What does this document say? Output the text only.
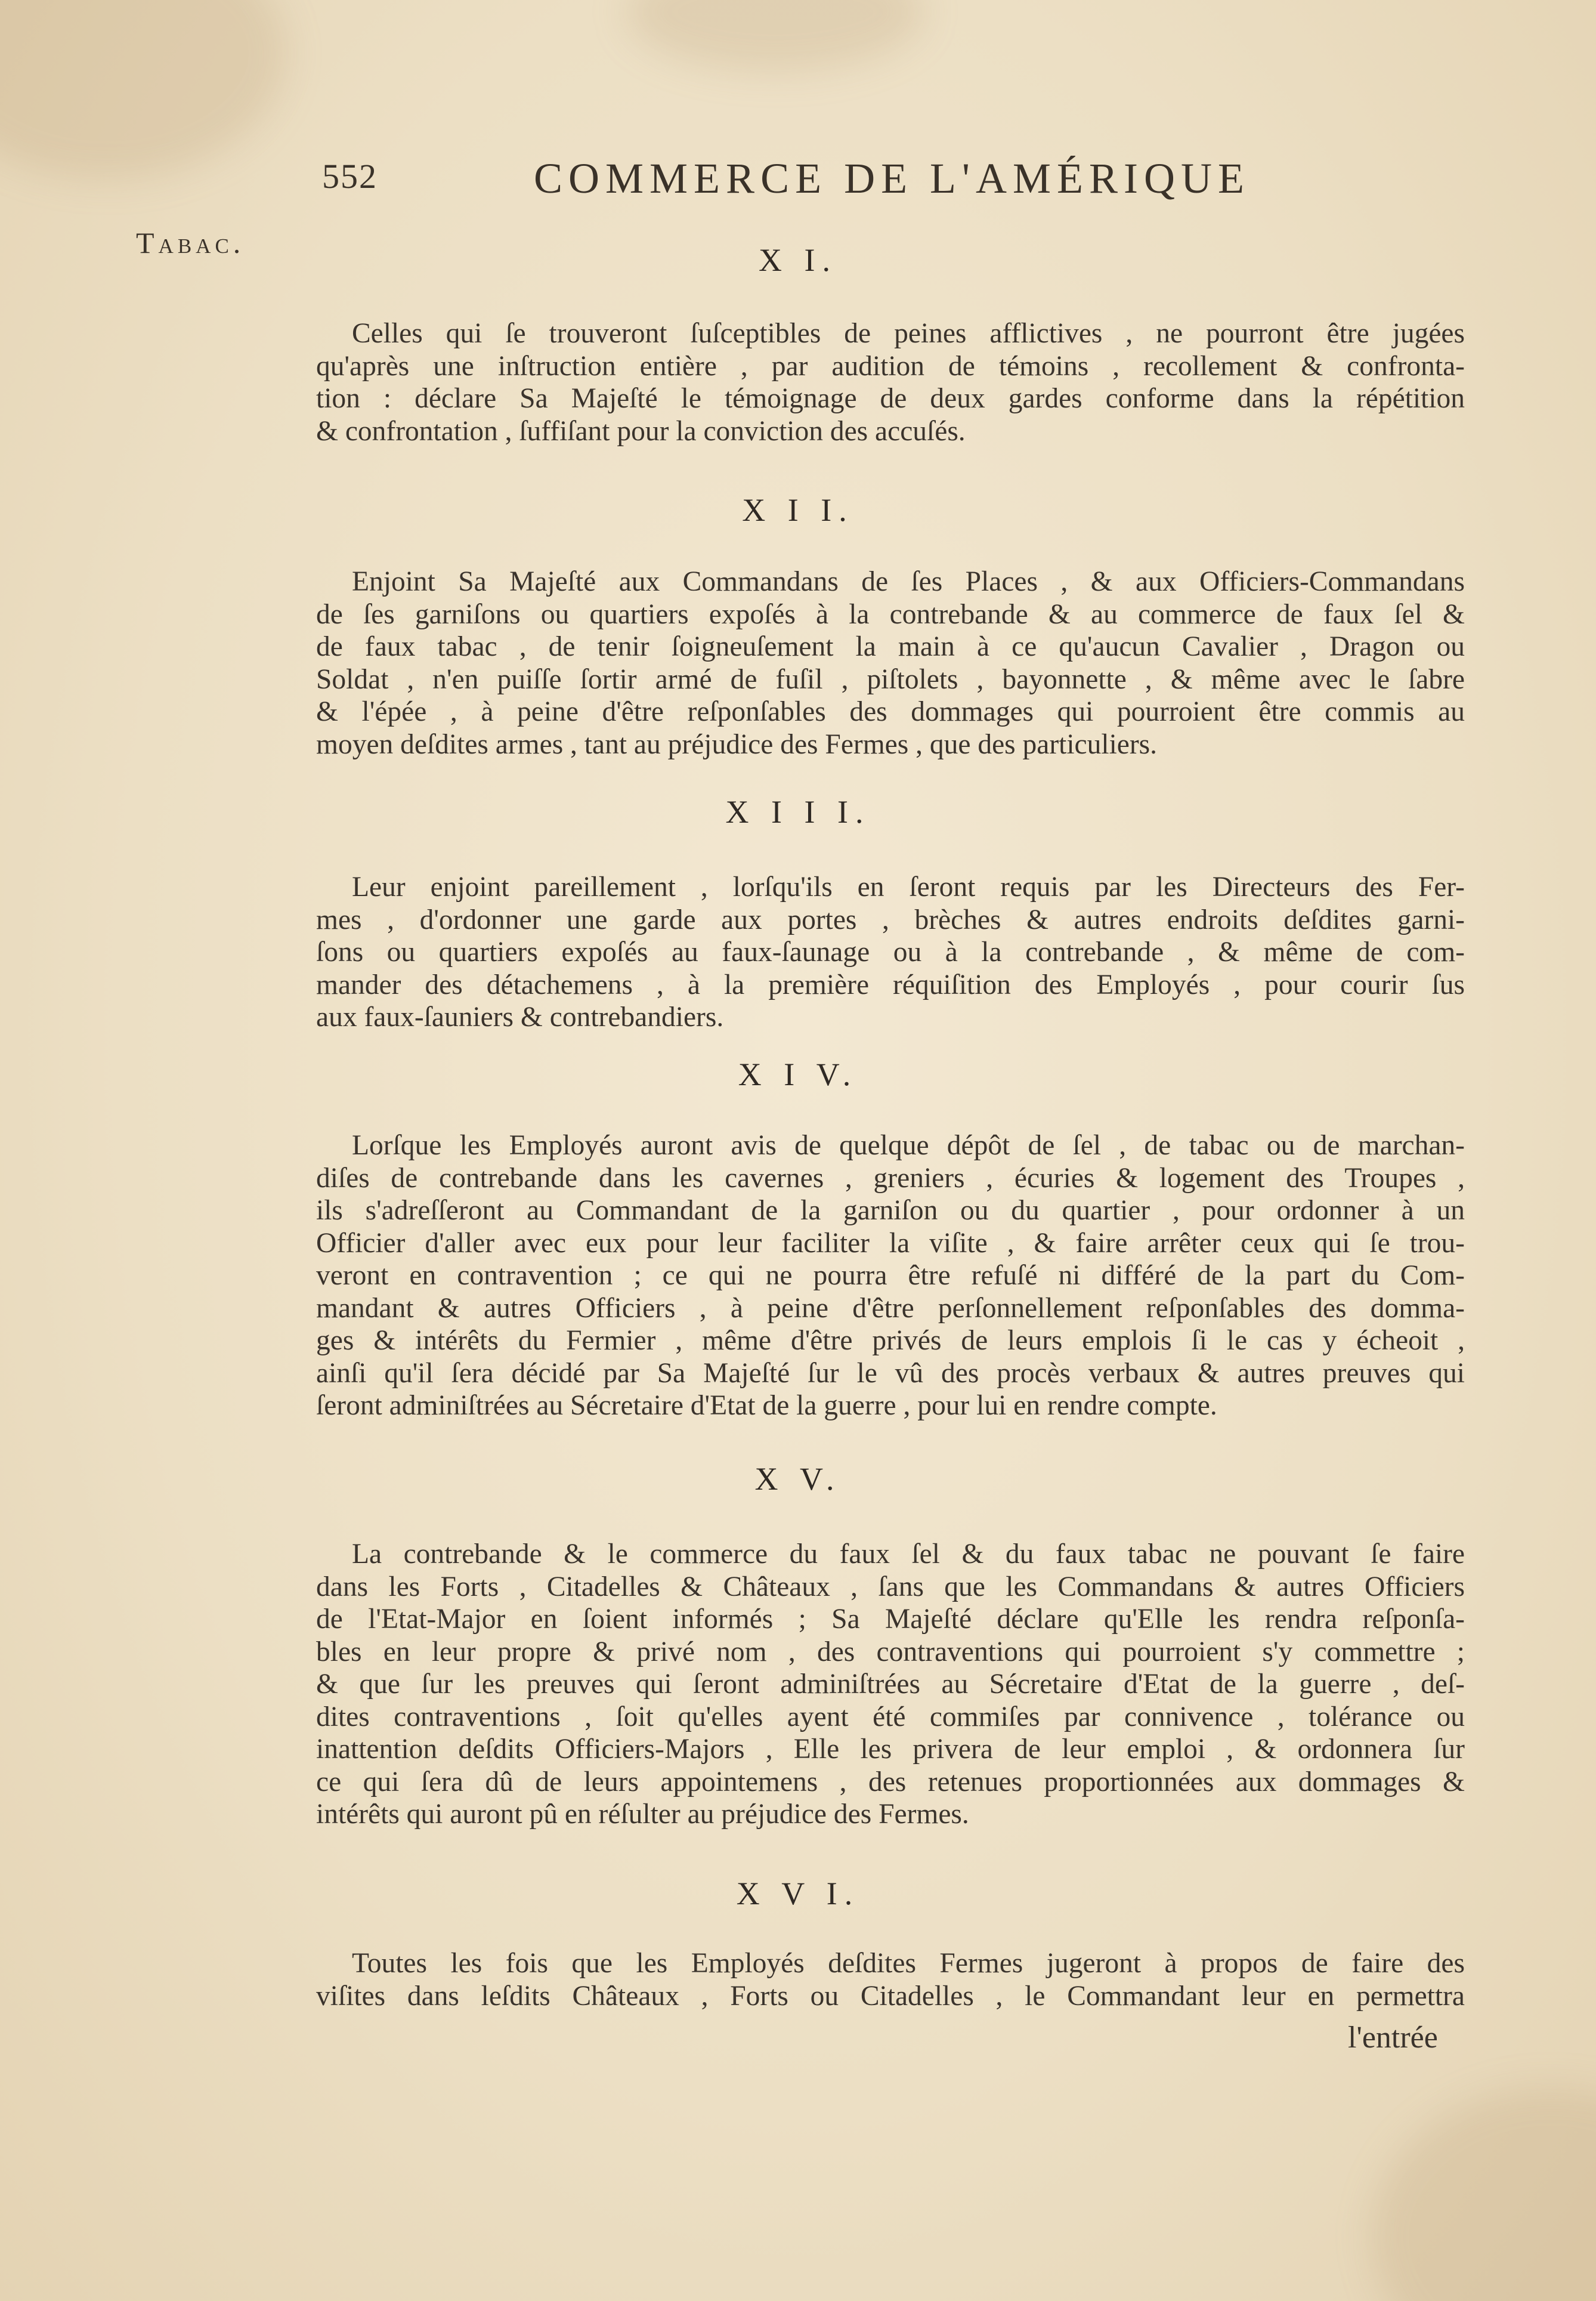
552	COMMERCE DE L'AMÉRIQUE
Tabac.	X I.
Celles qui ſe trouveront ſuſceptibles de peines afflictives , ne pourront être jugées
qu'après une inſtruction entière , par audition de témoins , recollement & confronta-
tion : déclare Sa Majeſté le témoignage de deux gardes conforme dans la répétition
& confrontation , ſuffiſant pour la conviction des accuſés.
X I I.
Enjoint Sa Majeſté aux Commandans de ſes Places , & aux Officiers-Commandans
de ſes garniſons ou quartiers expoſés à la contrebande & au commerce de faux ſel &
de faux tabac , de tenir ſoigneuſement la main à ce qu'aucun Cavalier , Dragon ou
Soldat , n'en puiſſe ſortir armé de fuſil , piſtolets , bayonnette , & même avec le ſabre
& l'épée , à peine d'être reſponſables des dommages qui pourroient être commis au
moyen deſdites armes , tant au préjudice des Fermes , que des particuliers.
X I I I.
Leur enjoint pareillement , lorſqu'ils en ſeront requis par les Directeurs des Fer-
mes , d'ordonner une garde aux portes , brèches & autres endroits deſdites garni-
ſons ou quartiers expoſés au faux-ſaunage ou à la contrebande , & même de com-
mander des détachemens , à la première réquiſition des Employés , pour courir ſus
aux faux-ſauniers & contrebandiers.
X I V.
Lorſque les Employés auront avis de quelque dépôt de ſel , de tabac ou de marchan-
diſes de contrebande dans les cavernes , greniers , écuries & logement des Troupes ,
ils s'adreſſeront au Commandant de la garniſon ou du quartier , pour ordonner à un
Officier d'aller avec eux pour leur faciliter la viſite , & faire arrêter ceux qui ſe trou-
veront en contravention ; ce qui ne pourra être refuſé ni différé de la part du Com-
mandant & autres Officiers , à peine d'être perſonnellement reſponſables des domma-
ges & intérêts du Fermier , même d'être privés de leurs emplois ſi le cas y écheoit ,
ainſi qu'il ſera décidé par Sa Majeſté ſur le vû des procès verbaux & autres preuves qui
ſeront adminiſtrées au Sécretaire d'Etat de la guerre , pour lui en rendre compte.
X V.
La contrebande & le commerce du faux ſel & du faux tabac ne pouvant ſe faire
dans les Forts , Citadelles & Châteaux , ſans que les Commandans & autres Officiers
de l'Etat-Major en ſoient informés ; Sa Majeſté déclare qu'Elle les rendra reſponſa-
bles en leur propre & privé nom , des contraventions qui pourroient s'y commettre ;
& que ſur les preuves qui ſeront adminiſtrées au Sécretaire d'Etat de la guerre , deſ-
dites contraventions , ſoit qu'elles ayent été commiſes par connivence , tolérance ou
inattention deſdits Officiers-Majors , Elle les privera de leur emploi , & ordonnera ſur
ce qui ſera dû de leurs appointemens , des retenues proportionnées aux dommages &
intérêts qui auront pû en réſulter au préjudice des Fermes.
X V I.
Toutes les fois que les Employés deſdites Fermes jugeront à propos de faire des
viſites dans leſdits Châteaux , Forts ou Citadelles , le Commandant leur en permettra
l'entrée
